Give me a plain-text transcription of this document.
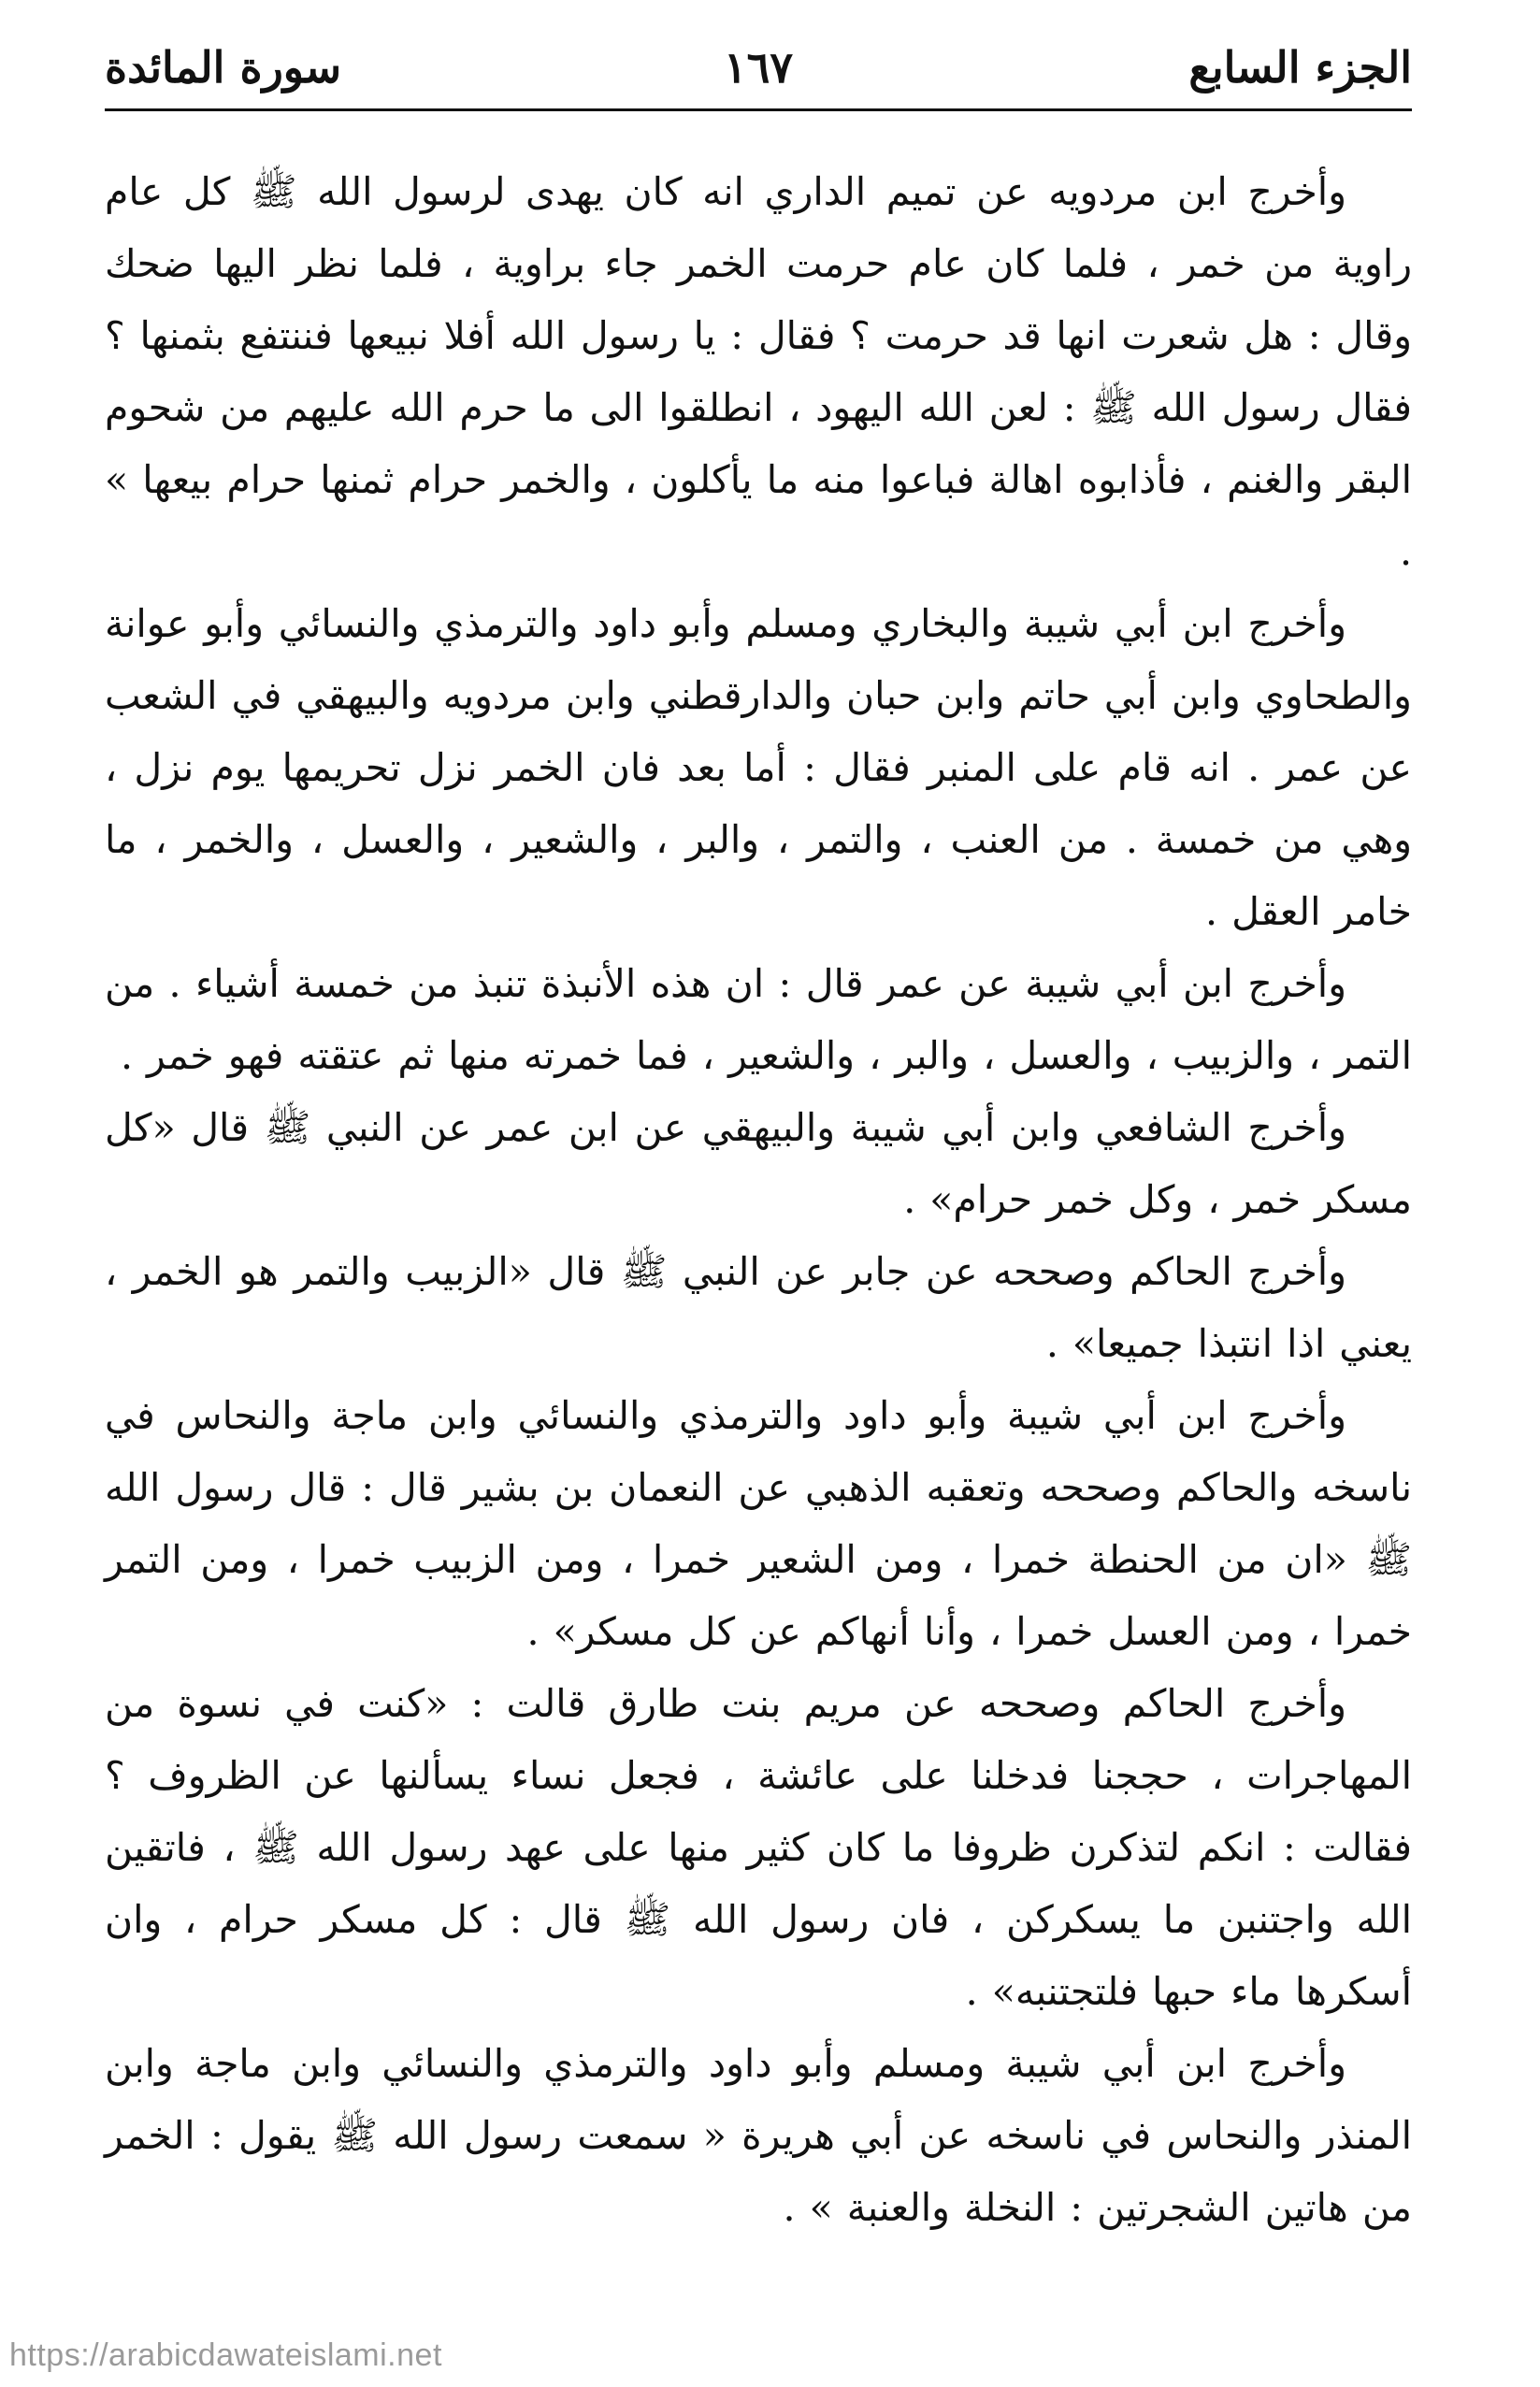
الجزء السابع
١٦٧
سورة المائدة

وأخرج ابن مردويه عن تميم الداري انه كان يهدى لرسول الله ﷺ كل عام راوية من خمر ، فلما كان عام حرمت الخمر جاء براوية ، فلما نظر اليها ضحك وقال : هل شعرت انها قد حرمت ؟ فقال : يا رسول الله أفلا نبيعها فننتفع بثمنها ؟ فقال رسول الله ﷺ : لعن الله اليهود ، انطلقوا الى ما حرم الله عليهم من شحوم البقر والغنم ، فأذابوه اهالة فباعوا منه ما يأكلون ، والخمر حرام ثمنها حرام بيعها » .

وأخرج ابن أبي شيبة والبخاري ومسلم وأبو داود والترمذي والنسائي وأبو عوانة والطحاوي وابن أبي حاتم وابن حبان والدارقطني وابن مردويه والبيهقي في الشعب عن عمر . انه قام على المنبر فقال : أما بعد فان الخمر نزل تحريمها يوم نزل ، وهي من خمسة . من العنب ، والتمر ، والبر ، والشعير ، والعسل ، والخمر ، ما خامر العقل .

وأخرج ابن أبي شيبة عن عمر قال : ان هذه الأنبذة تنبذ من خمسة أشياء . من التمر ، والزبيب ، والعسل ، والبر ، والشعير ، فما خمرته منها ثم عتقته فهو خمر .

وأخرج الشافعي وابن أبي شيبة والبيهقي عن ابن عمر عن النبي ﷺ قال «كل مسكر خمر ، وكل خمر حرام» .

وأخرج الحاكم وصححه عن جابر عن النبي ﷺ قال «الزبيب والتمر هو الخمر ، يعني اذا انتبذا جميعا» .

وأخرج ابن أبي شيبة وأبو داود والترمذي والنسائي وابن ماجة والنحاس في ناسخه والحاكم وصححه وتعقبه الذهبي عن النعمان بن بشير قال : قال رسول الله ﷺ «ان من الحنطة خمرا ، ومن الشعير خمرا ، ومن الزبيب خمرا ، ومن التمر خمرا ، ومن العسل خمرا ، وأنا أنهاكم عن كل مسكر» .

وأخرج الحاكم وصححه عن مريم بنت طارق قالت : «كنت في نسوة من المهاجرات ، حججنا فدخلنا على عائشة ، فجعل نساء يسألنها عن الظروف ؟ فقالت : انكم لتذكرن ظروفا ما كان كثير منها على عهد رسول الله ﷺ ، فاتقين الله واجتنبن ما يسكركن ، فان رسول الله ﷺ قال : كل مسكر حرام ، وان أسكرها ماء حبها فلتجتنبه» .

وأخرج ابن أبي شيبة ومسلم وأبو داود والترمذي والنسائي وابن ماجة وابن المنذر والنحاس في ناسخه عن أبي هريرة « سمعت رسول الله ﷺ يقول : الخمر من هاتين الشجرتين : النخلة والعنبة » .

https://arabicdawateislami.net
